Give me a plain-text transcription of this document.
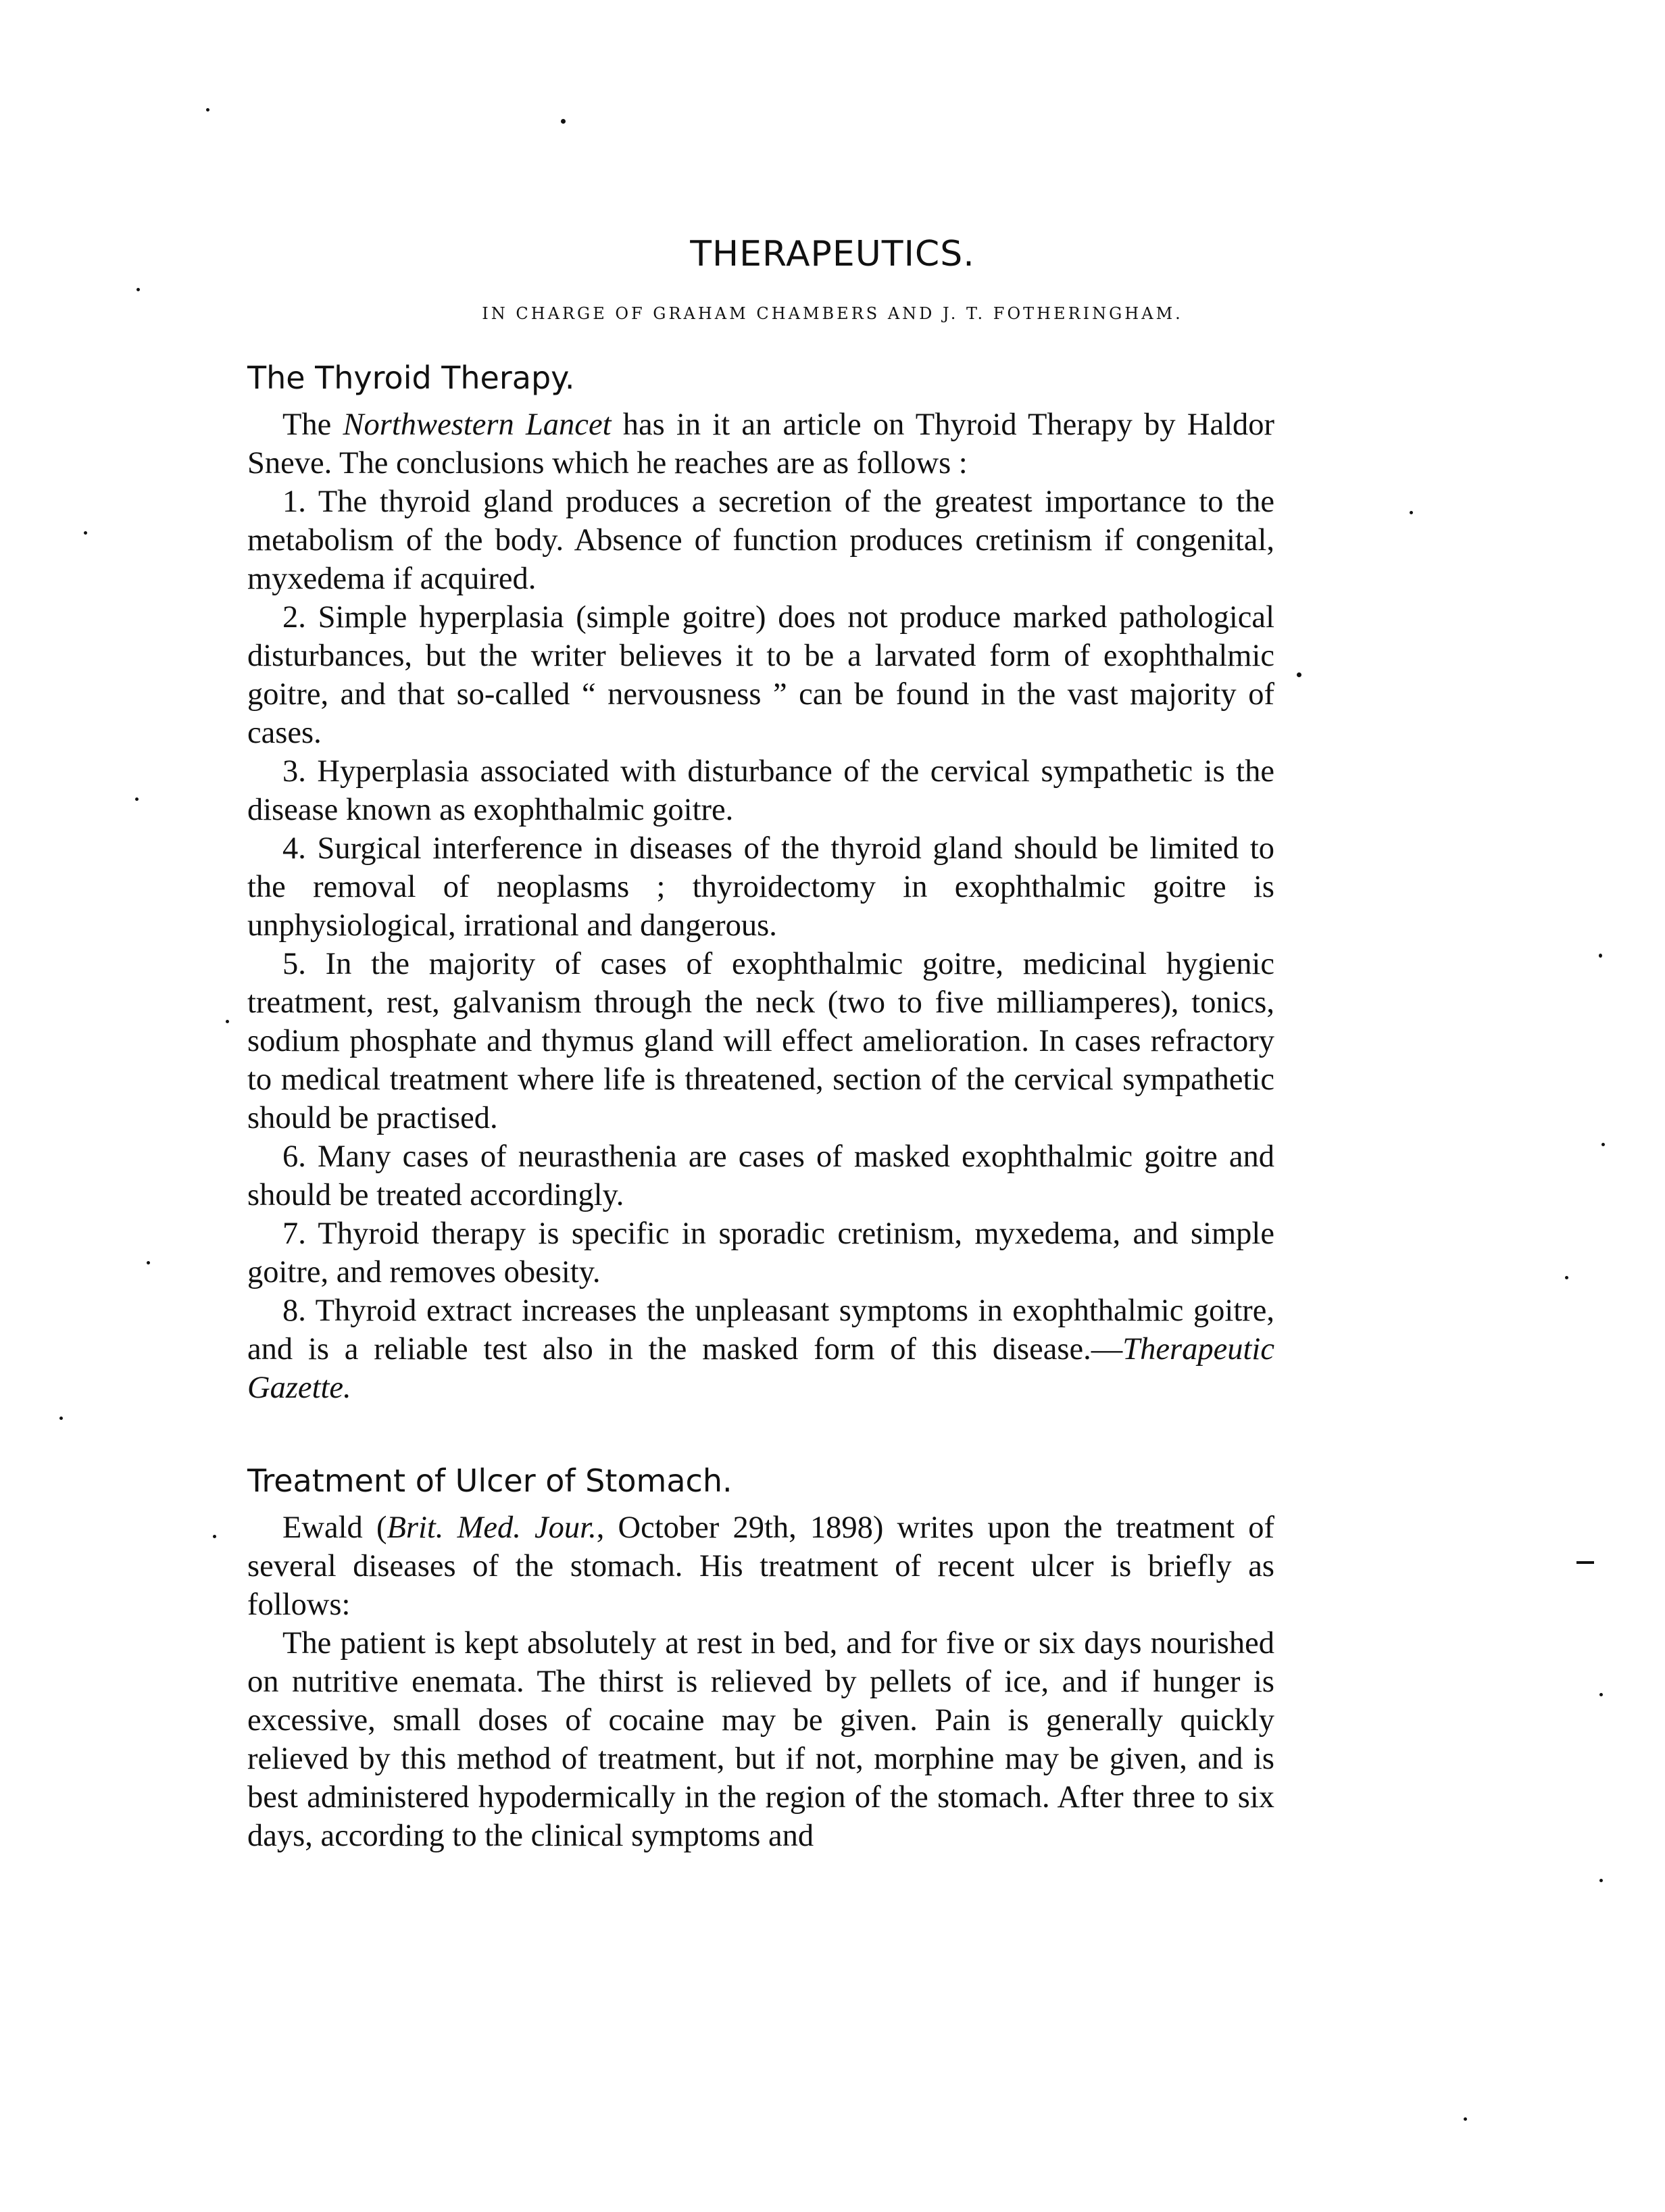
THERAPEUTICS.
IN CHARGE OF GRAHAM CHAMBERS AND J. T. FOTHERINGHAM.
The Thyroid Therapy.

The Northwestern Lancet has in it an article on Thyroid Therapy by Haldor Sneve. The conclusions which he reaches are as follows :

1. The thyroid gland produces a secretion of the greatest importance to the metabolism of the body. Absence of function produces cretinism if congenital, myxedema if acquired.

2. Simple hyperplasia (simple goitre) does not produce marked pathological disturbances, but the writer believes it to be a larvated form of exophthalmic goitre, and that so-called “ nervousness ” can be found in the vast majority of cases.

3. Hyperplasia associated with disturbance of the cervical sympathetic is the disease known as exophthalmic goitre.

4. Surgical interference in diseases of the thyroid gland should be limited to the removal of neoplasms ; thyroidectomy in exophthalmic goitre is unphysiological, irrational and dangerous.

5. In the majority of cases of exophthalmic goitre, medicinal hygienic treatment, rest, galvanism through the neck (two to five milliamperes), tonics, sodium phosphate and thymus gland will effect amelioration. In cases refractory to medical treatment where life is threatened, section of the cervical sympathetic should be practised.

6. Many cases of neurasthenia are cases of masked exophthalmic goitre and should be treated accordingly.

7. Thyroid therapy is specific in sporadic cretinism, myxedema, and simple goitre, and removes obesity.

8. Thyroid extract increases the unpleasant symptoms in exophthalmic goitre, and is a reliable test also in the masked form of this disease.—Therapeutic Gazette.

Treatment of Ulcer of Stomach.

Ewald (Brit. Med. Jour., October 29th, 1898) writes upon the treatment of several diseases of the stomach. His treatment of recent ulcer is briefly as follows:

The patient is kept absolutely at rest in bed, and for five or six days nourished on nutritive enemata. The thirst is relieved by pellets of ice, and if hunger is excessive, small doses of cocaine may be given. Pain is generally quickly relieved by this method of treatment, but if not, morphine may be given, and is best administered hypodermically in the region of the stomach. After three to six days, according to the clinical symptoms and
